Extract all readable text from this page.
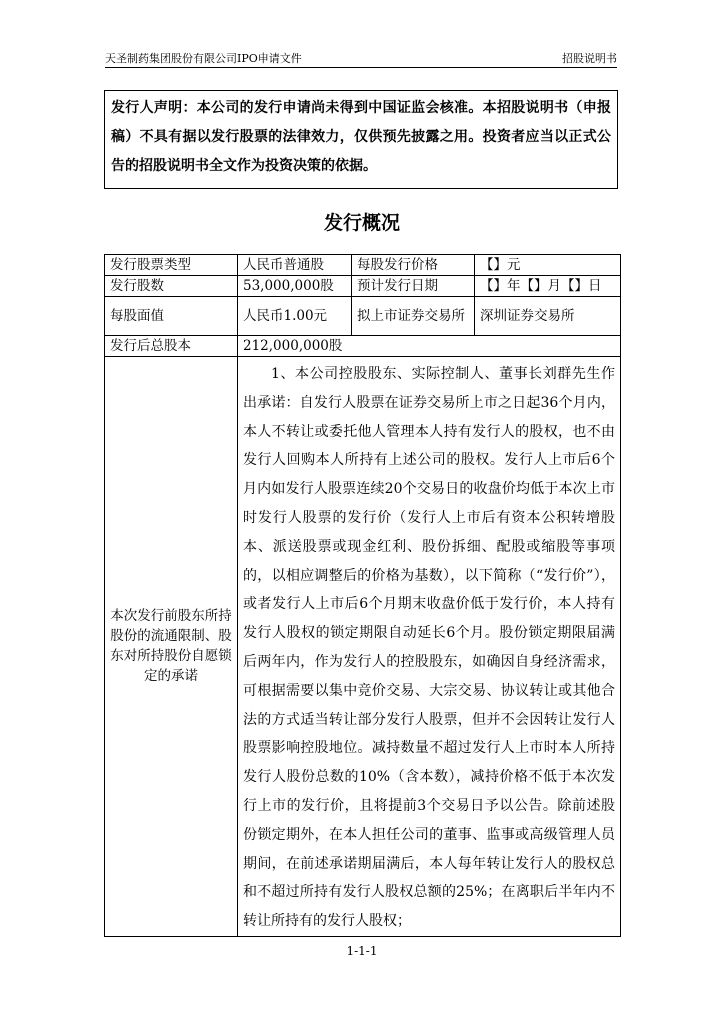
天圣制药集团股份有限公司IPO申请文件	招股说明书
发行人声明：本公司的发行申请尚未得到中国证监会核准。本招股说明书（申报稿）不具有据以发行股票的法律效力，仅供预先披露之用。投资者应当以正式公告的招股说明书全文作为投资决策的依据。
发行概况
发行股票类型	人民币普通股	每股发行价格	【】元
发行股数	53,000,000股	预计发行日期	【】年【】月【】日
每股面值	人民币1.00元	拟上市证券交易所	深圳证券交易所
发行后总股本	212,000,000股		
本次发行前股东所持股份的流通限制、股东对所持股份自愿锁定的承诺	1、本公司控股股东、实际控制人、董事长刘群先生作出承诺：自发行人股票在证券交易所上市之日起36个月内，本人不转让或委托他人管理本人持有发行人的股权，也不由发行人回购本人所持有上述公司的股权。发行人上市后6个月内如发行人股票连续20个交易日的收盘价均低于本次上市时发行人股票的发行价（发行人上市后有资本公积转增股本、派送股票或现金红利、股份拆细、配股或缩股等事项的，以相应调整后的价格为基数），以下简称（“发行价”），或者发行人上市后6个月期末收盘价低于发行价，本人持有发行人股权的锁定期限自动延长6个月。股份锁定期限届满后两年内，作为发行人的控股股东，如确因自身经济需求，可根据需要以集中竞价交易、大宗交易、协议转让或其他合法的方式适当转让部分发行人股票，但并不会因转让发行人股票影响控股地位。减持数量不超过发行人上市时本人所持发行人股份总数的10%（含本数），减持价格不低于本次发行上市的发行价，且将提前3个交易日予以公告。除前述股份锁定期外，在本人担任公司的董事、监事或高级管理人员期间，在前述承诺期届满后，本人每年转让发行人的股权总和不超过所持有发行人股权总额的25%；在离职后半年内不转让所持有的发行人股权；		
1-1-1
